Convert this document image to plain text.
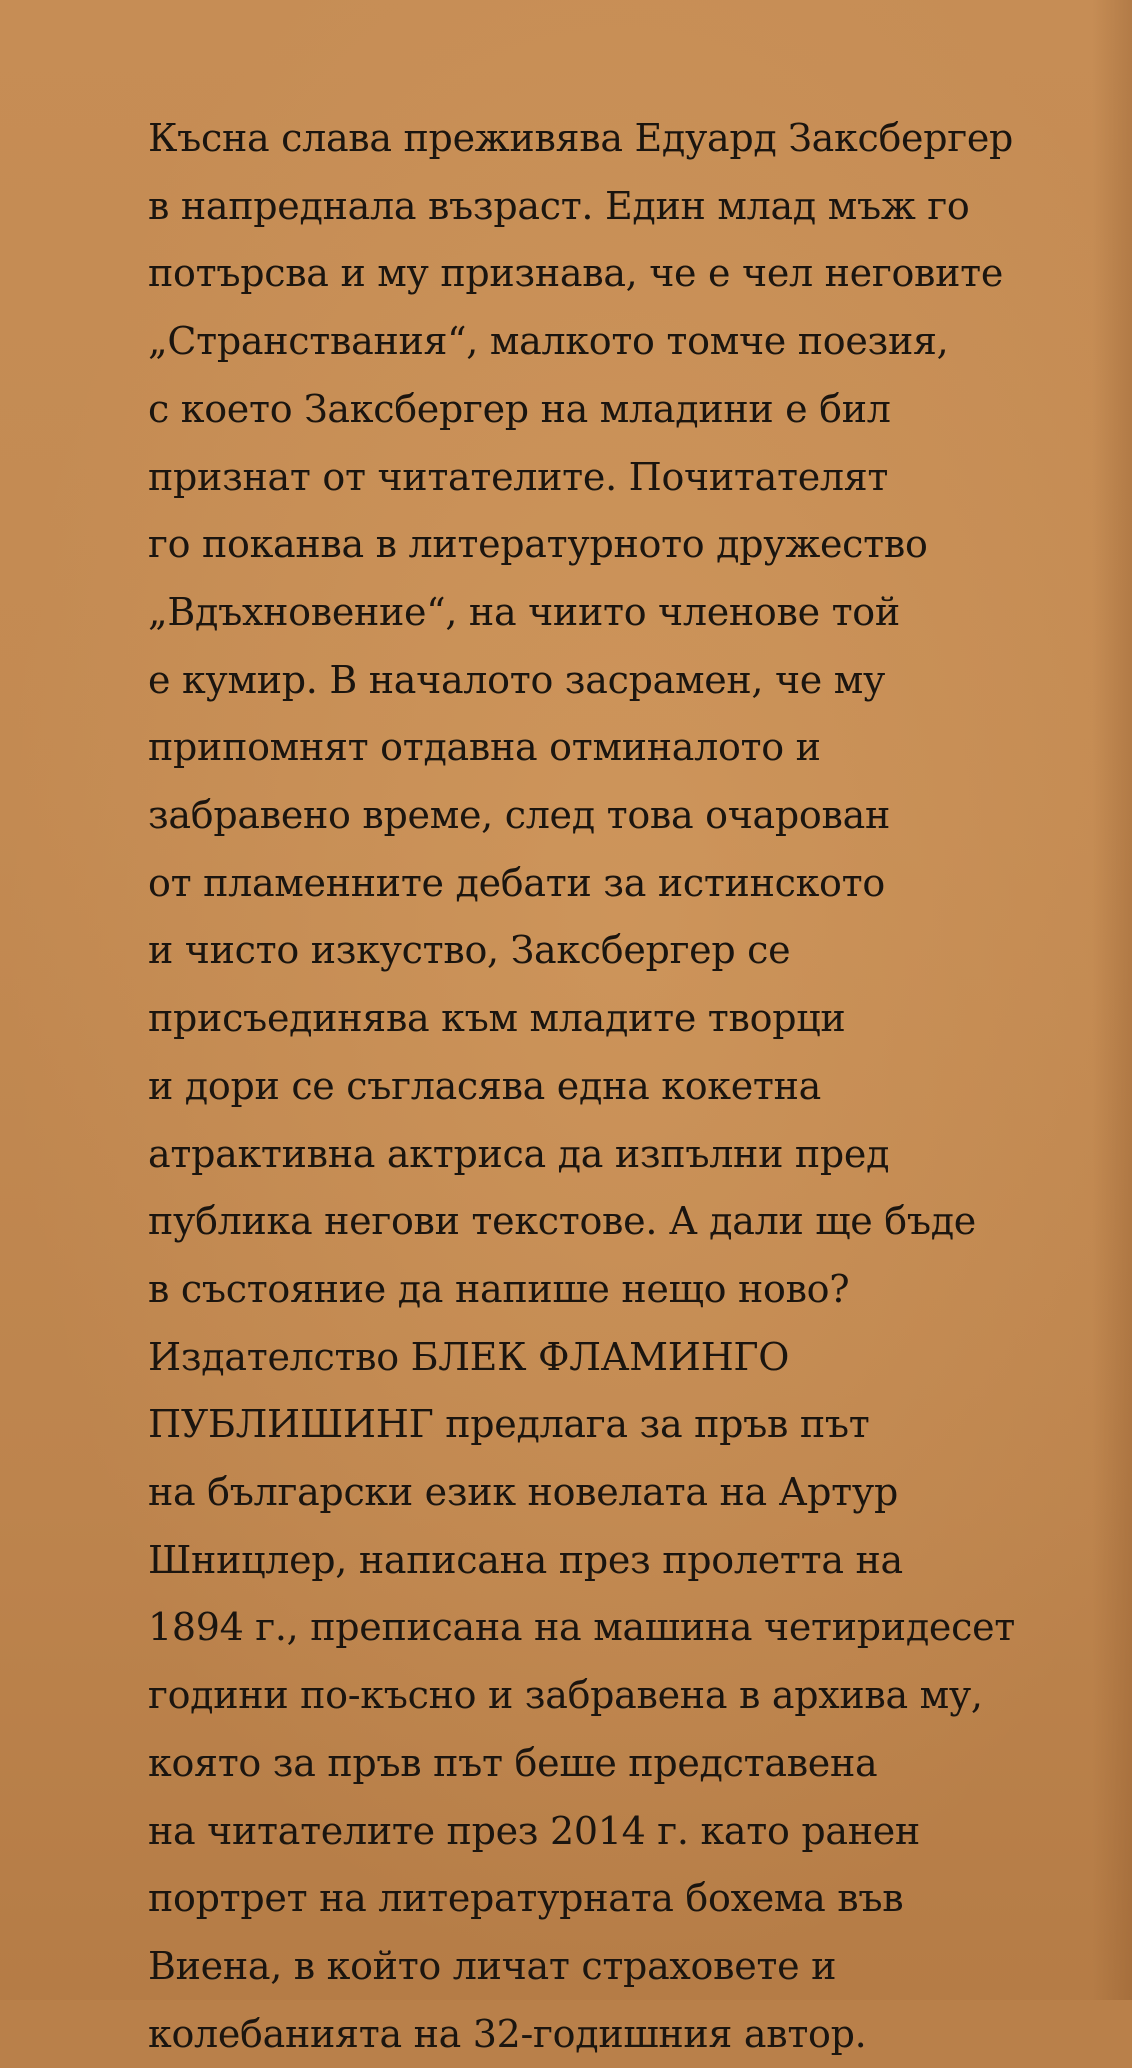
Късна слава преживява Едуард Заксбергер
в напреднала възраст. Един млад мъж го
потърсва и му признава, че е чел неговите
„Странствания“, малкото томче поезия,
с което Заксбергер на младини е бил
признат от читателите. Почитателят
го поканва в литературното дружество
„Вдъхновение“, на чиито членове той
е кумир. В началото засрамен, че му
припомнят отдавна отминалото и
забравено време, след това очарован
от пламенните дебати за истинското
и чисто изкуство, Заксбергер се
присъединява към младите творци
и дори се съгласява една кокетна
атрактивна актриса да изпълни пред
публика негови текстове. А дали ще бъде
в състояние да напише нещо ново?
Издателство БЛЕК ФЛАМИНГО
ПУБЛИШИНГ предлага за пръв път
на български език новелата на Артур
Шницлер, написана през пролетта на
1894 г., преписана на машина четиридесет
години по-късно и забравена в архива му,
която за пръв път беше представена
на читателите през 2014 г. като ранен
портрет на литературната бохема във
Виена, в който личат страховете и
колебанията на 32-годишния автор.
